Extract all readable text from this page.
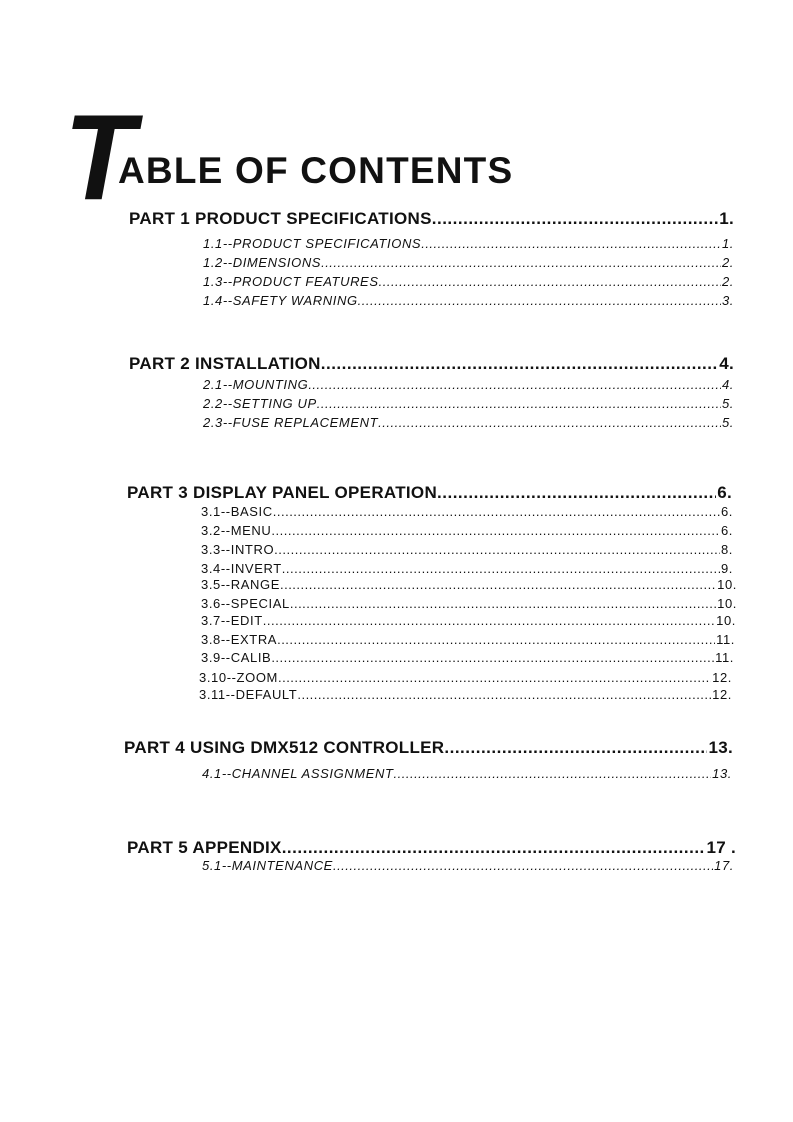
T
ABLE OF CONTENTS
PART 1 PRODUCT SPECIFICATIONS .....	1.
1.1--PRODUCT SPECIFICATIONS .....	1.
1.2--DIMENSIONS .....	2.
1.3--PRODUCT FEATURES .....	2.
1.4--SAFETY WARNING .....	3.
PART 2 INSTALLATION .....	4.
2.1--MOUNTING .....	4.
2.2--SETTING UP .....	5.
2.3--FUSE REPLACEMENT .....	5.
PART 3 DISPLAY PANEL OPERATION .....	6.
3.1--BASIC .....	6.
3.2--MENU .....	6.
3.3--INTRO .....	8.
3.4--INVERT .....	9.
3.5--RANGE .....	10.
3.6--SPECIAL .....	10.
3.7--EDIT .....	10.
3.8--EXTRA .....	11.
3.9--CALIB .....	11.
3.10--ZOOM .....	12.
3.11--DEFAULT .....	12.
PART 4 USING DMX512 CONTROLLER .....	13.
4.1--CHANNEL ASSIGNMENT .....	13.
PART 5 APPENDIX .....	17 .
5.1--MAINTENANCE .....	17.
